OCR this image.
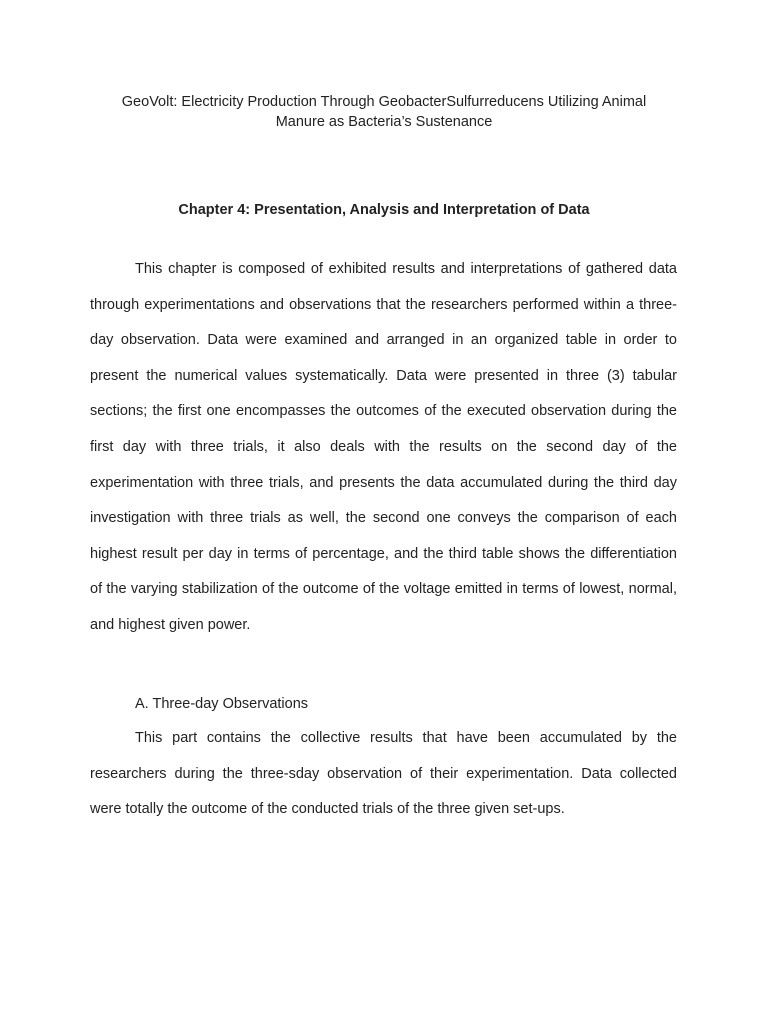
GeoVolt: Electricity Production Through GeobacterSulfurreducens Utilizing Animal
Manure as Bacteria’s Sustenance
Chapter 4: Presentation, Analysis and Interpretation of Data

This chapter is composed of exhibited results and interpretations of gathered data through experimentations and observations that the researchers performed within a three-day observation. Data were examined and arranged in an organized table in order to present the numerical values systematically. Data were presented in three (3) tabular sections; the first one encompasses the outcomes of the executed observation during the first day with three trials, it also deals with the results on the second day of the experimentation with three trials, and presents the data accumulated during the third day investigation with three trials as well, the second one conveys the comparison of each highest result per day in terms of percentage, and the third table shows the differentiation of the varying stabilization of the outcome of the voltage emitted in terms of lowest, normal, and highest given power.

A. Three-day Observations

This part contains the collective results that have been accumulated by the researchers during the three-sday observation of their experimentation. Data collected were totally the outcome of the conducted trials of the three given set-ups.
